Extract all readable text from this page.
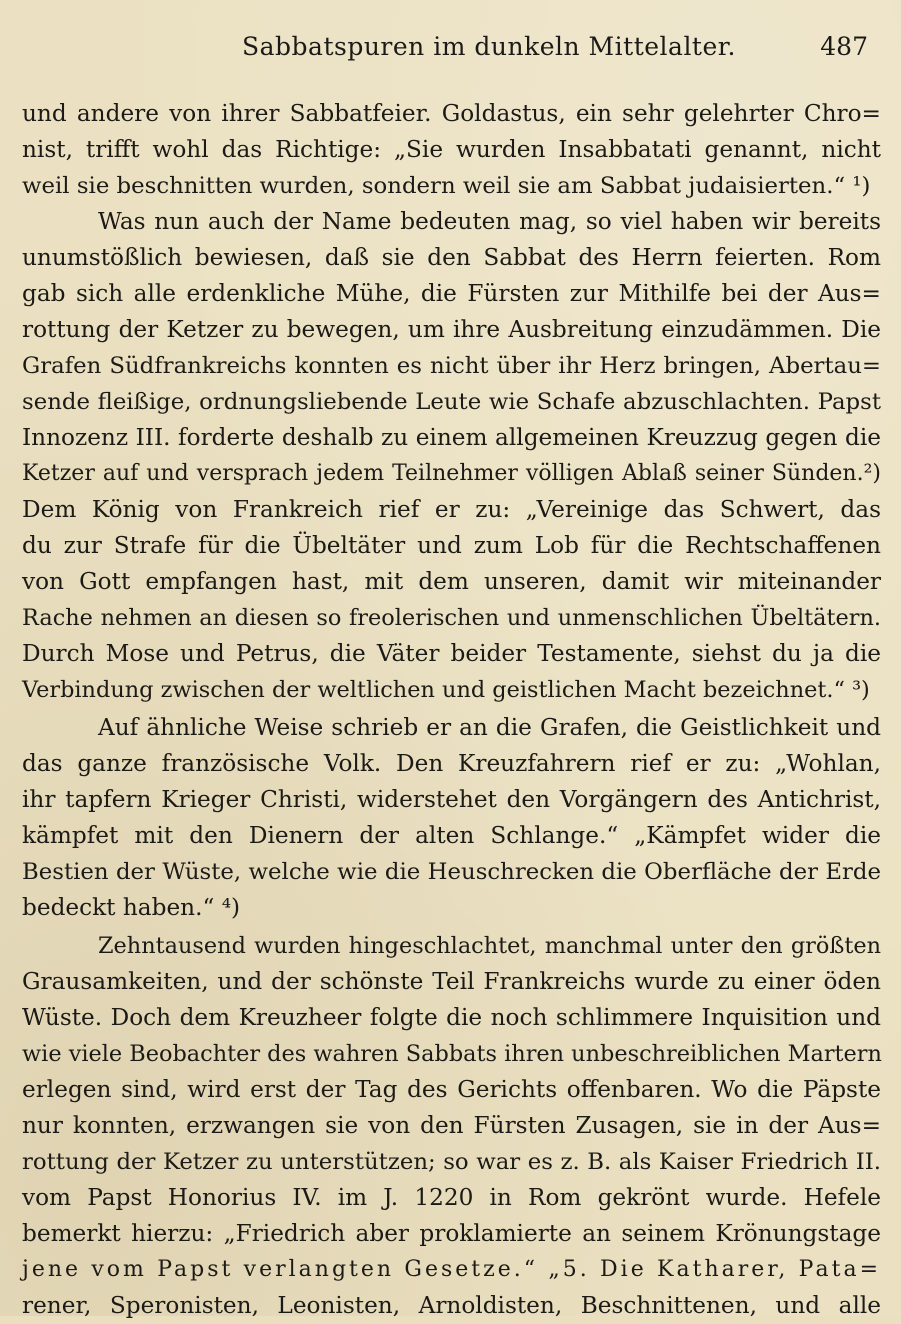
Sabbatspuren im dunkeln Mittelalter.	487
und andere von ihrer Sabbatfeier. Goldastus, ein sehr gelehrter Chro=
nist, trifft wohl das Richtige: „Sie wurden Insabbatati genannt, nicht
weil sie beschnitten wurden, sondern weil sie am Sabbat judaisierten.“ ¹)
Was nun auch der Name bedeuten mag, so viel haben wir bereits
unumstößlich bewiesen, daß sie den Sabbat des Herrn feierten. Rom
gab sich alle erdenkliche Mühe, die Fürsten zur Mithilfe bei der Aus=
rottung der Ketzer zu bewegen, um ihre Ausbreitung einzudämmen. Die
Grafen Südfrankreichs konnten es nicht über ihr Herz bringen, Abertau=
sende fleißige, ordnungsliebende Leute wie Schafe abzuschlachten. Papst
Innozenz III. forderte deshalb zu einem allgemeinen Kreuzzug gegen die
Ketzer auf und versprach jedem Teilnehmer völligen Ablaß seiner Sünden.²)
Dem König von Frankreich rief er zu: „Vereinige das Schwert, das
du zur Strafe für die Übeltäter und zum Lob für die Rechtschaffenen
von Gott empfangen hast, mit dem unseren, damit wir miteinander
Rache nehmen an diesen so freolerischen und unmenschlichen Übeltätern.
Durch Mose und Petrus, die Väter beider Testamente, siehst du ja die
Verbindung zwischen der weltlichen und geistlichen Macht bezeichnet.“ ³)
Auf ähnliche Weise schrieb er an die Grafen, die Geistlichkeit und
das ganze französische Volk. Den Kreuzfahrern rief er zu: „Wohlan,
ihr tapfern Krieger Christi, widerstehet den Vorgängern des Antichrist,
kämpfet mit den Dienern der alten Schlange.“ „Kämpfet wider die
Bestien der Wüste, welche wie die Heuschrecken die Oberfläche der Erde
bedeckt haben.“ ⁴)
Zehntausend wurden hingeschlachtet, manchmal unter den größten
Grausamkeiten, und der schönste Teil Frankreichs wurde zu einer öden
Wüste. Doch dem Kreuzheer folgte die noch schlimmere Inquisition und
wie viele Beobachter des wahren Sabbats ihren unbeschreiblichen Martern
erlegen sind, wird erst der Tag des Gerichts offenbaren. Wo die Päpste
nur konnten, erzwangen sie von den Fürsten Zusagen, sie in der Aus=
rottung der Ketzer zu unterstützen; so war es z. B. als Kaiser Friedrich II.
vom Papst Honorius IV. im J. 1220 in Rom gekrönt wurde. Hefele
bemerkt hierzu: „Friedrich aber proklamierte an seinem Krönungstage
jene vom Papst verlangten Gesetze.“ „5. Die Katharer, Pata=
rener, Speronisten, Leonisten, Arnoldisten, Beschnittenen, und alle
